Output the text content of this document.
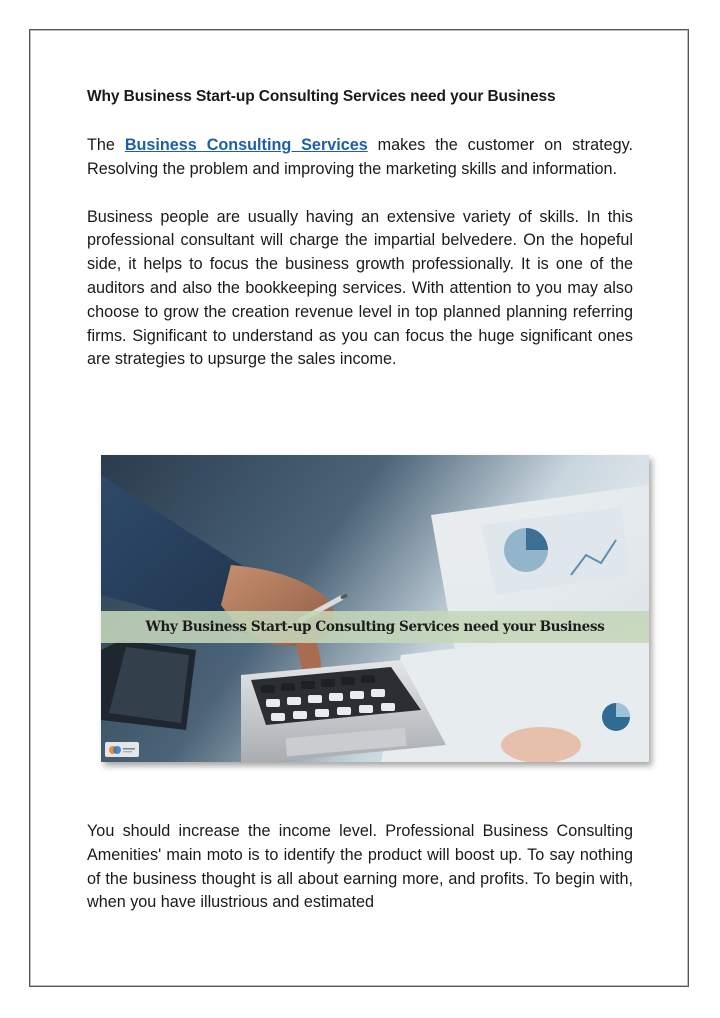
Why Business Start-up Consulting Services need your Business

The Business Consulting Services makes the customer on strategy. Resolving the problem and improving the marketing skills and information.

Business people are usually having an extensive variety of skills. In this professional consultant will charge the impartial belvedere. On the hopeful side, it helps to focus the business growth professionally. It is one of the auditors and also the bookkeeping services. With attention to you may also choose to grow the creation revenue level in top planned planning referring firms. Significant to understand as you can focus the huge significant ones are strategies to upsurge the sales income.

Why Business Start-up Consulting Services need your Business

You should increase the income level. Professional Business Consulting Amenities' main moto is to identify the product will boost up. To say nothing of the business thought is all about earning more, and profits. To begin with, when you have illustrious and estimated
